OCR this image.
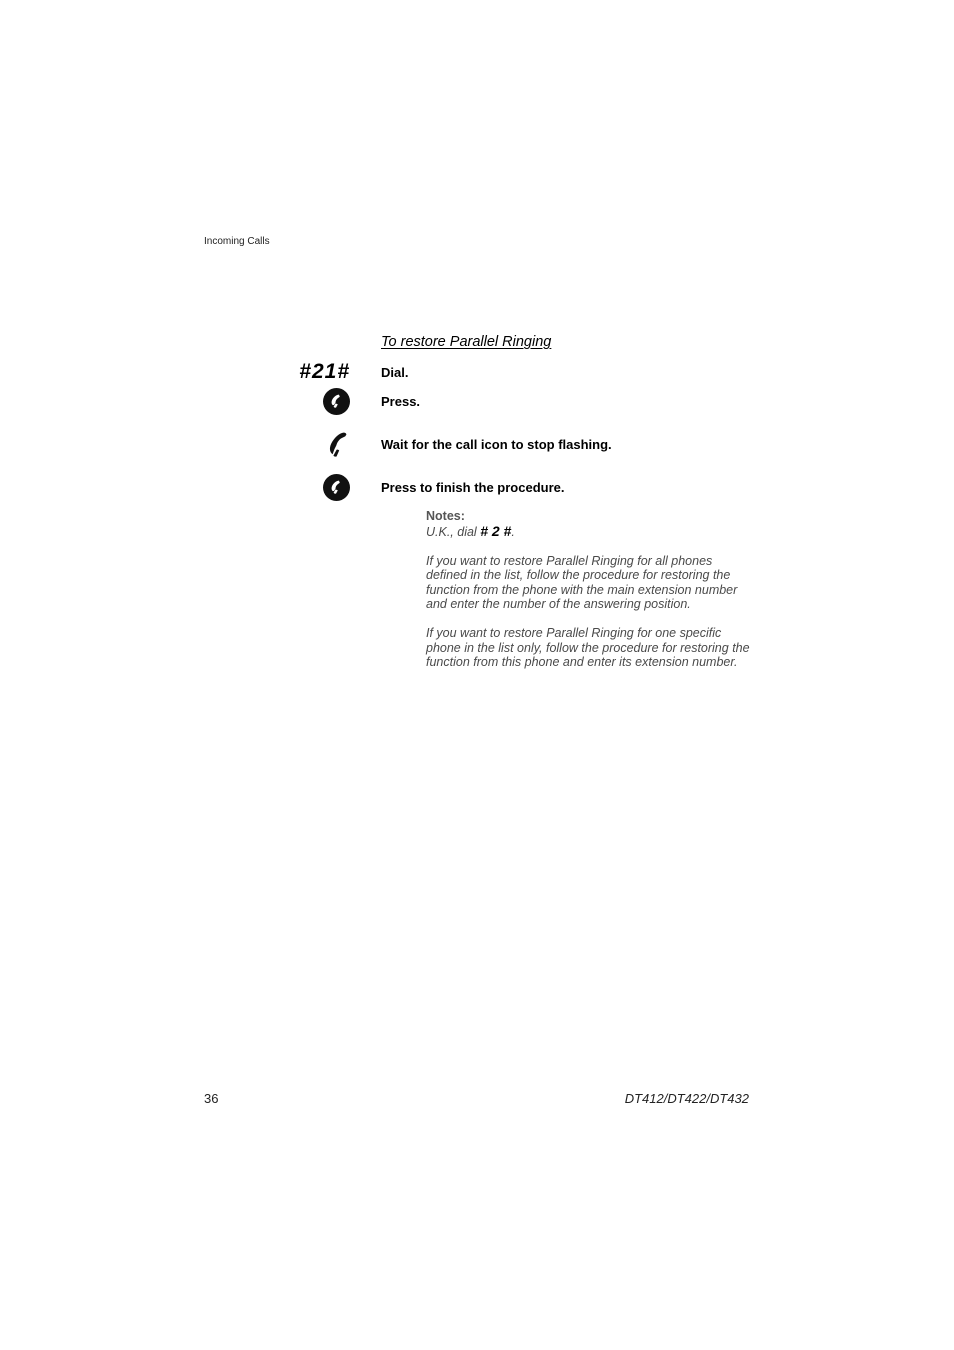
Incoming Calls
To restore Parallel Ringing
#21# Dial.
Press.
Wait for the call icon to stop flashing.
Press to finish the procedure.

Notes:

U.K., dial # 2 #.

If you want to restore Parallel Ringing for all phones defined in the list, follow the procedure for restoring the function from the phone with the main extension number and enter the number of the answering position.

If you want to restore Parallel Ringing for one specific phone in the list only, follow the procedure for restoring the function from this phone and enter its extension number.

36	DT412/DT422/DT432
